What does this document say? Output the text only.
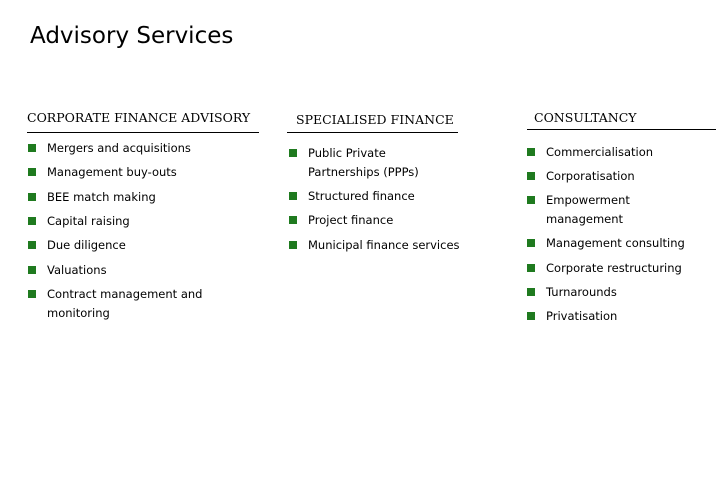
Advisory Services
CORPORATE FINANCE ADVISORY
Mergers and acquisitions
Management buy-outs
BEE match making
Capital raising
Due diligence
Valuations
Contract management and monitoring
SPECIALISED FINANCE
Public Private Partnerships (PPPs)
Structured finance
Project finance
Municipal finance services
CONSULTANCY
Commercialisation
Corporatisation
Empowerment management
Management consulting
Corporate restructuring
Turnarounds
Privatisation
